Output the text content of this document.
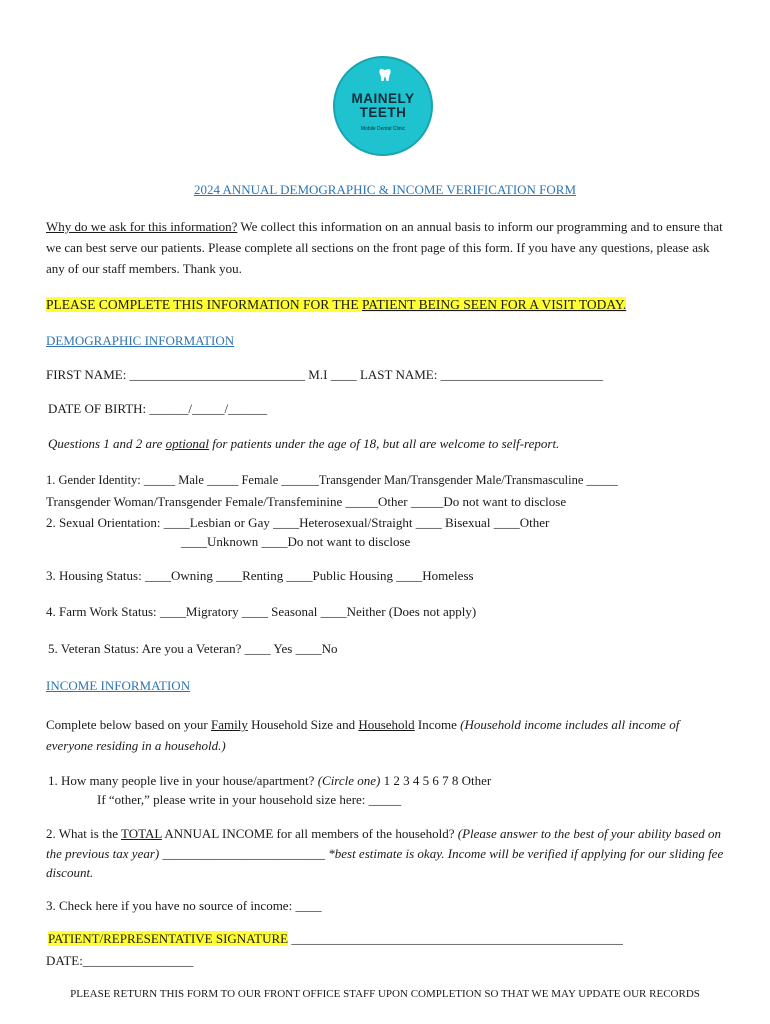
MAINELY
TEETH
Mobile Dental Clinic
2024 ANNUAL DEMOGRAPHIC & INCOME VERIFICATION FORM
Why do we ask for this information? We collect this information on an annual basis to inform our programming and to ensure that we can best serve our patients. Please complete all sections on the front page of this form. If you have any questions, please ask any of our staff members. Thank you.
PLEASE COMPLETE THIS INFORMATION FOR THE PATIENT BEING SEEN FOR A VISIT TODAY.
DEMOGRAPHIC INFORMATION
FIRST NAME: ___________________________ M.I ____ LAST NAME: _________________________
DATE OF BIRTH: ______/_____/______
Questions 1 and 2 are optional for patients under the age of 18, but all are welcome to self-report.
1. Gender Identity: _____ Male _____ Female ______Transgender Man/Transgender Male/Transmasculine _____
Transgender Woman/Transgender Female/Transfeminine _____Other _____Do not want to disclose
2. Sexual Orientation: ____Lesbian or Gay ____Heterosexual/Straight ____ Bisexual ____Other
____Unknown ____Do not want to disclose
3. Housing Status: ____Owning ____Renting ____Public Housing ____Homeless
4. Farm Work Status: ____Migratory ____ Seasonal ____Neither (Does not apply)
5. Veteran Status: Are you a Veteran? ____ Yes ____No
INCOME INFORMATION
Complete below based on your Family Household Size and Household Income (Household income includes all income of everyone residing in a household.)
1. How many people live in your house/apartment? (Circle one) 1 2 3 4 5 6 7 8 Other
If “other,” please write in your household size here: _____
2. What is the TOTAL ANNUAL INCOME for all members of the household? (Please answer to the best of your ability based on the previous tax year) _________________________ *best estimate is okay. Income will be verified if applying for our sliding fee discount.
3. Check here if you have no source of income: ____
PATIENT/REPRESENTATIVE SIGNATURE ___________________________________________________
DATE:_________________
PLEASE RETURN THIS FORM TO OUR FRONT OFFICE STAFF UPON COMPLETION SO THAT WE MAY UPDATE OUR RECORDS
